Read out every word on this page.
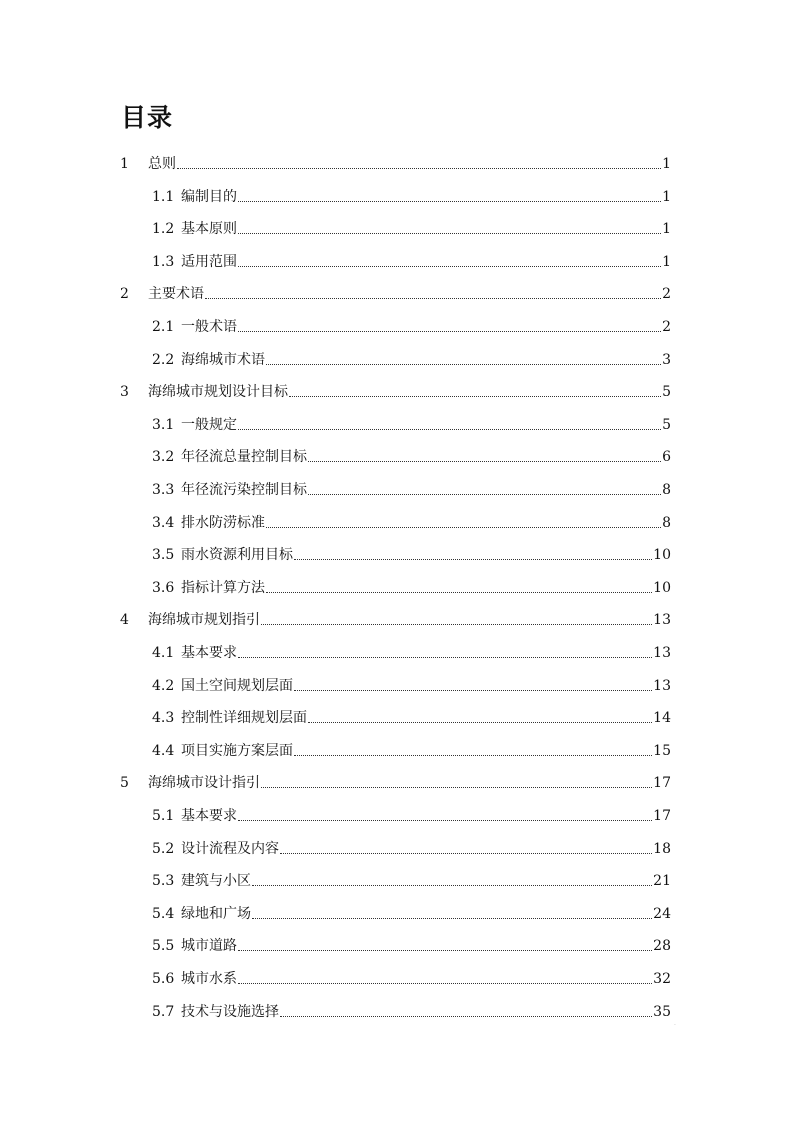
目录
1 总则	1
1.1 编制目的	1
1.2 基本原则	1
1.3 适用范围	1
2 主要术语	2
2.1 一般术语	2
2.2 海绵城市术语	3
3 海绵城市规划设计目标	5
3.1 一般规定	5
3.2 年径流总量控制目标	6
3.3 年径流污染控制目标	8
3.4 排水防涝标准	8
3.5 雨水资源利用目标	10
3.6 指标计算方法	10
4 海绵城市规划指引	13
4.1 基本要求	13
4.2 国土空间规划层面	13
4.3 控制性详细规划层面	14
4.4 项目实施方案层面	15
5 海绵城市设计指引	17
5.1 基本要求	17
5.2 设计流程及内容	18
5.3 建筑与小区	21
5.4 绿地和广场	24
5.5 城市道路	28
5.6 城市水系	32
5.7 技术与设施选择	35
·
